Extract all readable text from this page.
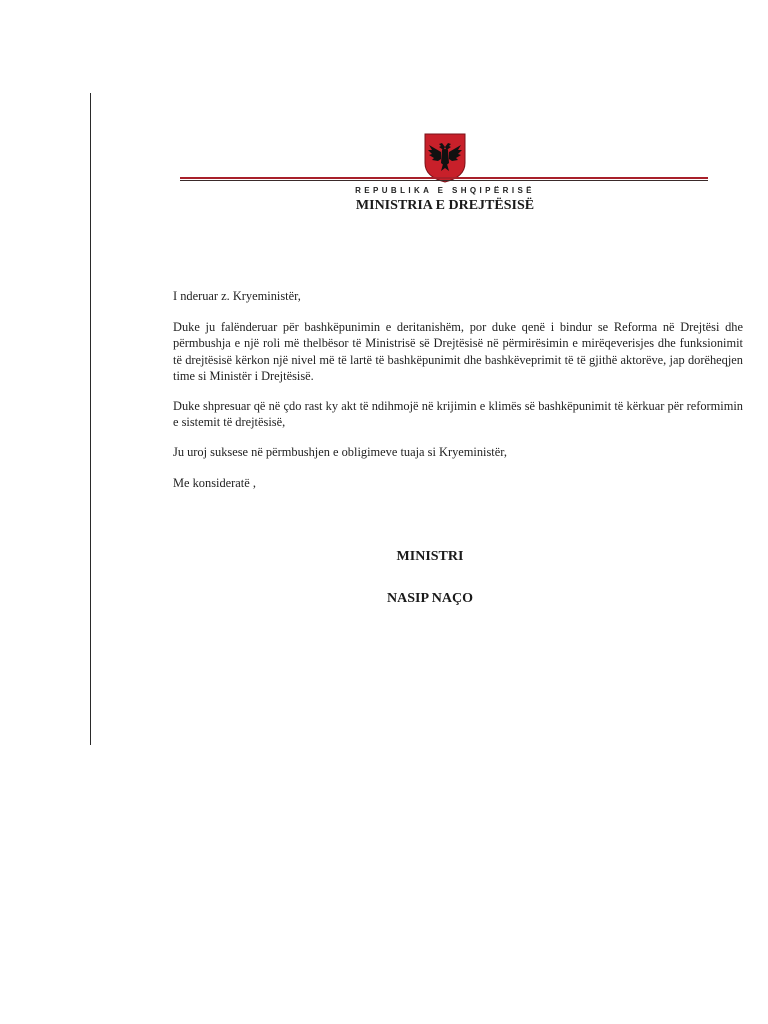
REPUBLIKA E SHQIPËRISË
MINISTRIA E DREJTËSISË

I nderuar z. Kryeministër,

Duke ju falënderuar për bashkëpunimin e deritanishëm, por duke qenë i bindur se Reforma në Drejtësi dhe përmbushja e një roli më thelbësor të Ministrisë së Drejtësisë në përmirësimin e mirëqeverisjes dhe funksionimit të drejtësisë kërkon një nivel më të lartë të bashkëpunimit dhe bashkëveprimit të të gjithë aktorëve, jap dorëheqjen time si Ministër i Drejtësisë.

Duke shpresuar që në çdo rast ky akt të ndihmojë në krijimin e klimës së bashkëpunimit të kërkuar për reformimin e sistemit të drejtësisë,

Ju uroj suksese në përmbushjen e obligimeve tuaja si Kryeministër,

Me konsideratë ,

MINISTRI
NASIP NAÇO
